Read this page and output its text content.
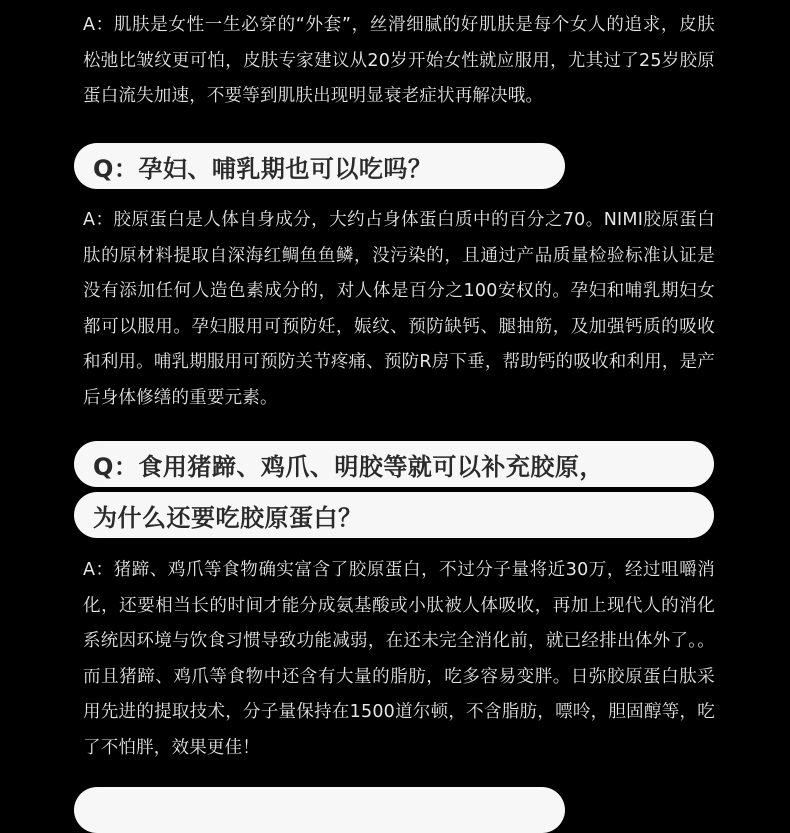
A：肌肤是女性一生必穿的“外套”，丝滑细腻的好肌肤是每个女人的追求，皮肤松弛比皱纹更可怕，皮肤专家建议从20岁开始女性就应服用，尤其过了25岁胶原蛋白流失加速，不要等到肌肤出现明显衰老症状再解决哦。

Q：孕妇、哺乳期也可以吃吗？

A：胶原蛋白是人体自身成分，大约占身体蛋白质中的百分之70。NIMI胶原蛋白肽的原材料提取自深海红鲷鱼鱼鳞，没污染的，且通过产品质量检验标准认证是没有添加任何人造色素成分的，对人体是百分之100安权的。孕妇和哺乳期妇女都可以服用。孕妇服用可预防妊，娠纹、预防缺钙、腿抽筋，及加强钙质的吸收和利用。哺乳期服用可预防关节疼痛、预防R房下垂，帮助钙的吸收和利用，是产后身体修缮的重要元素。

Q：食用猪蹄、鸡爪、明胶等就可以补充胶原，
为什么还要吃胶原蛋白？

A：猪蹄、鸡爪等食物确实富含了胶原蛋白，不过分子量将近30万，经过咀嚼消化，还要相当长的时间才能分成氨基酸或小肽被人体吸收，再加上现代人的消化系统因环境与饮食习惯导致功能减弱，在还未完全消化前，就已经排出体外了。。而且猪蹄、鸡爪等食物中还含有大量的脂肪，吃多容易变胖。日弥胶原蛋白肽采用先进的提取技术，分子量保持在1500道尔顿，不含脂肪，嘌呤，胆固醇等，吃了不怕胖，效果更佳！
